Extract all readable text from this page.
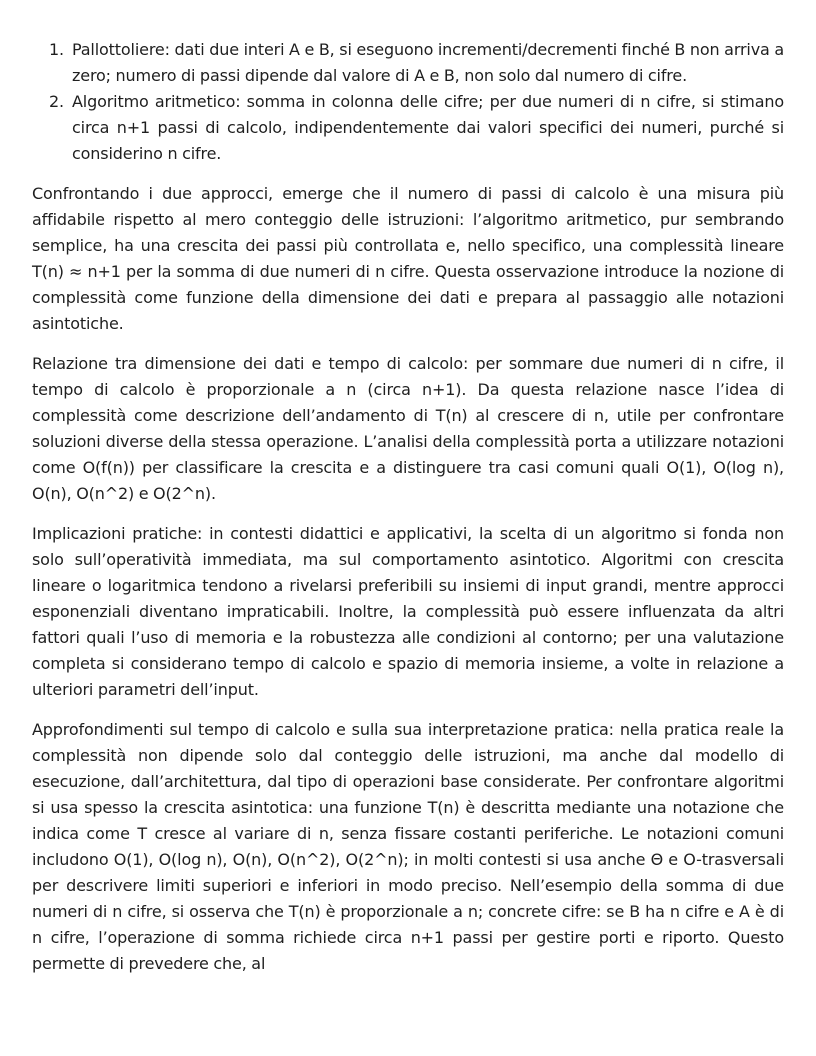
1. Pallottoliere: dati due interi A e B, si eseguono incrementi/decrementi finché B non arriva a zero; numero di passi dipende dal valore di A e B, non solo dal numero di cifre.
2. Algoritmo aritmetico: somma in colonna delle cifre; per due numeri di n cifre, si stimano circa n+1 passi di calcolo, indipendentemente dai valori specifici dei numeri, purché si considerino n cifre.

Confrontando i due approcci, emerge che il numero di passi di calcolo è una misura più affidabile rispetto al mero conteggio delle istruzioni: l’algoritmo aritmetico, pur sembrando semplice, ha una crescita dei passi più controllata e, nello specifico, una complessità lineare T(n) ≈ n+1 per la somma di due numeri di n cifre. Questa osservazione introduce la nozione di complessità come funzione della dimensione dei dati e prepara al passaggio alle notazioni asintotiche.

Relazione tra dimensione dei dati e tempo di calcolo: per sommare due numeri di n cifre, il tempo di calcolo è proporzionale a n (circa n+1). Da questa relazione nasce l’idea di complessità come descrizione dell’andamento di T(n) al crescere di n, utile per confrontare soluzioni diverse della stessa operazione. L’analisi della complessità porta a utilizzare notazioni come O(f(n)) per classificare la crescita e a distinguere tra casi comuni quali O(1), O(log n), O(n), O(n^2) e O(2^n).

Implicazioni pratiche: in contesti didattici e applicativi, la scelta di un algoritmo si fonda non solo sull’operatività immediata, ma sul comportamento asintotico. Algoritmi con crescita lineare o logaritmica tendono a rivelarsi preferibili su insiemi di input grandi, mentre approcci esponenziali diventano impraticabili. Inoltre, la complessità può essere influenzata da altri fattori quali l’uso di memoria e la robustezza alle condizioni al contorno; per una valutazione completa si considerano tempo di calcolo e spazio di memoria insieme, a volte in relazione a ulteriori parametri dell’input.

Approfondimenti sul tempo di calcolo e sulla sua interpretazione pratica: nella pratica reale la complessità non dipende solo dal conteggio delle istruzioni, ma anche dal modello di esecuzione, dall’architettura, dal tipo di operazioni base considerate. Per confrontare algoritmi si usa spesso la crescita asintotica: una funzione T(n) è descritta mediante una notazione che indica come T cresce al variare di n, senza fissare costanti periferiche. Le notazioni comuni includono O(1), O(log n), O(n), O(n^2), O(2^n); in molti contesti si usa anche Θ e O-trasversali per descrivere limiti superiori e inferiori in modo preciso. Nell’esempio della somma di due numeri di n cifre, si osserva che T(n) è proporzionale a n; concrete cifre: se B ha n cifre e A è di n cifre, l’operazione di somma richiede circa n+1 passi per gestire porti e riporto. Questo permette di prevedere che, al
